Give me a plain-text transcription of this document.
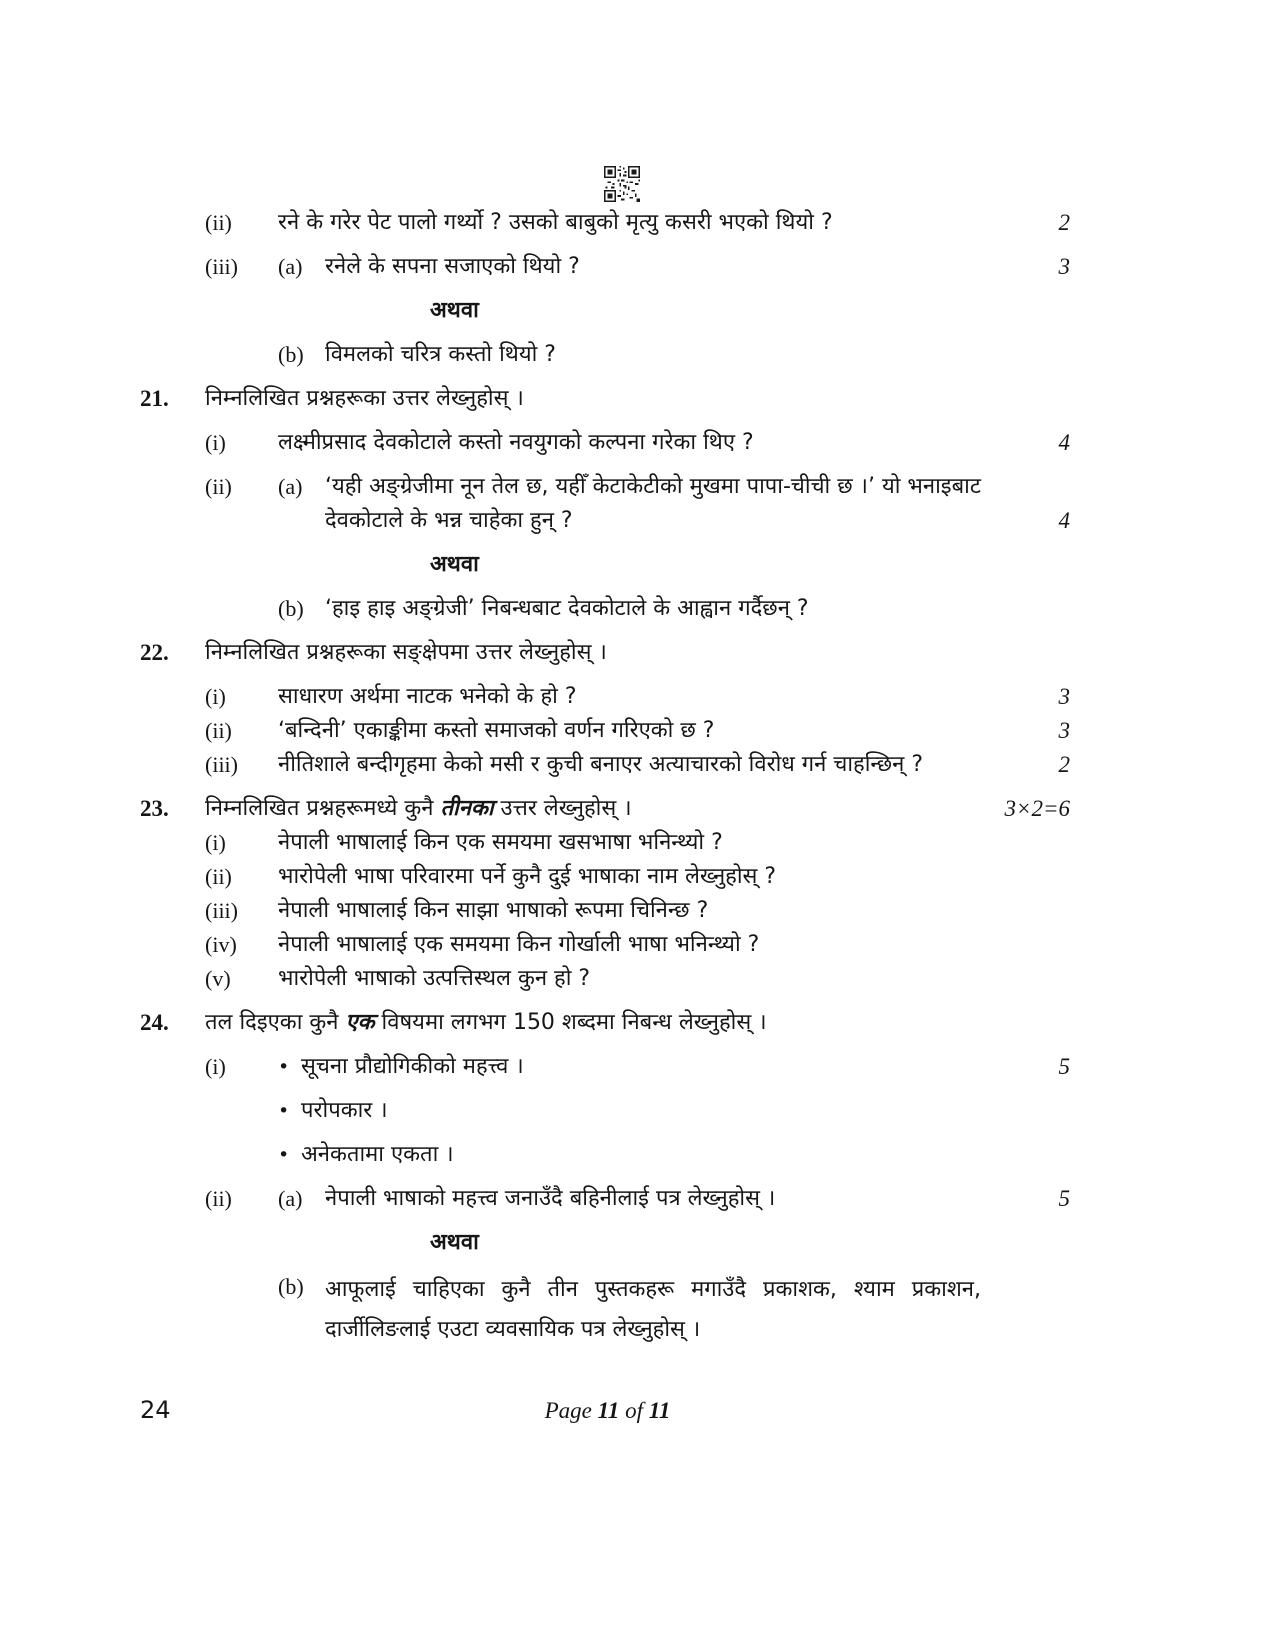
(ii)	रने के गरेर पेट पालो गर्थ्यो ? उसको बाबुको मृत्यु कसरी भएको थियो ?	2
(iii)	(a)	रनेले के सपना सजाएको थियो ?	3
अथवा
(b) विमलको चरित्र कस्तो थियो ?
21.	निम्नलिखित प्रश्नहरूका उत्तर लेख्नुहोस् ।
(i)	लक्ष्मीप्रसाद देवकोटाले कस्तो नवयुगको कल्पना गरेका थिए ?	4
(ii)	(a)	‘यही अङ्ग्रेजीमा नून तेल छ, यहीँ केटाकेटीको मुखमा पापा-चीची छ ।’ यो भनाइबाट देवकोटाले के भन्न चाहेका हुन् ?	4
अथवा
(b) ‘हाइ हाइ अङ्ग्रेजी’ निबन्धबाट देवकोटाले के आह्वान गर्दैछन् ?
22.	निम्नलिखित प्रश्नहरूका सङ्क्षेपमा उत्तर लेख्नुहोस् ।
(i)	साधारण अर्थमा नाटक भनेको के हो ?	3
(ii)	‘बन्दिनी’ एकाङ्कीमा कस्तो समाजको वर्णन गरिएको छ ?	3
(iii)	नीतिशाले बन्दीगृहमा केको मसी र कुची बनाएर अत्याचारको विरोध गर्न चाहन्छिन् ?	2
23.	निम्नलिखित प्रश्नहरूमध्ये कुनै तीनका उत्तर लेख्नुहोस् ।	3×2=6
(i)	नेपाली भाषालाई किन एक समयमा खसभाषा भनिन्थ्यो ?
(ii)	भारोपेली भाषा परिवारमा पर्ने कुनै दुई भाषाका नाम लेख्नुहोस् ?
(iii)	नेपाली भाषालाई किन साझा भाषाको रूपमा चिनिन्छ ?
(iv)	नेपाली भाषालाई एक समयमा किन गोर्खाली भाषा भनिन्थ्यो ?
(v)	भारोपेली भाषाको उत्पत्तिस्थल कुन हो ?
24.	तल दिइएका कुनै एक विषयमा लगभग 150 शब्दमा निबन्ध लेख्नुहोस् ।
(i)	• सूचना प्रौद्योगिकीको महत्त्व ।	5
• परोपकार ।
• अनेकतामा एकता ।
(ii)	(a)	नेपाली भाषाको महत्त्व जनाउँदै बहिनीलाई पत्र लेख्नुहोस् ।	5
अथवा
(b) आफूलाई चाहिएका कुनै तीन पुस्तकहरू मगाउँदै प्रकाशक, श्याम प्रकाशन, दार्जीलिङलाई एउटा व्यवसायिक पत्र लेख्नुहोस् ।
24	Page 11 of 11
